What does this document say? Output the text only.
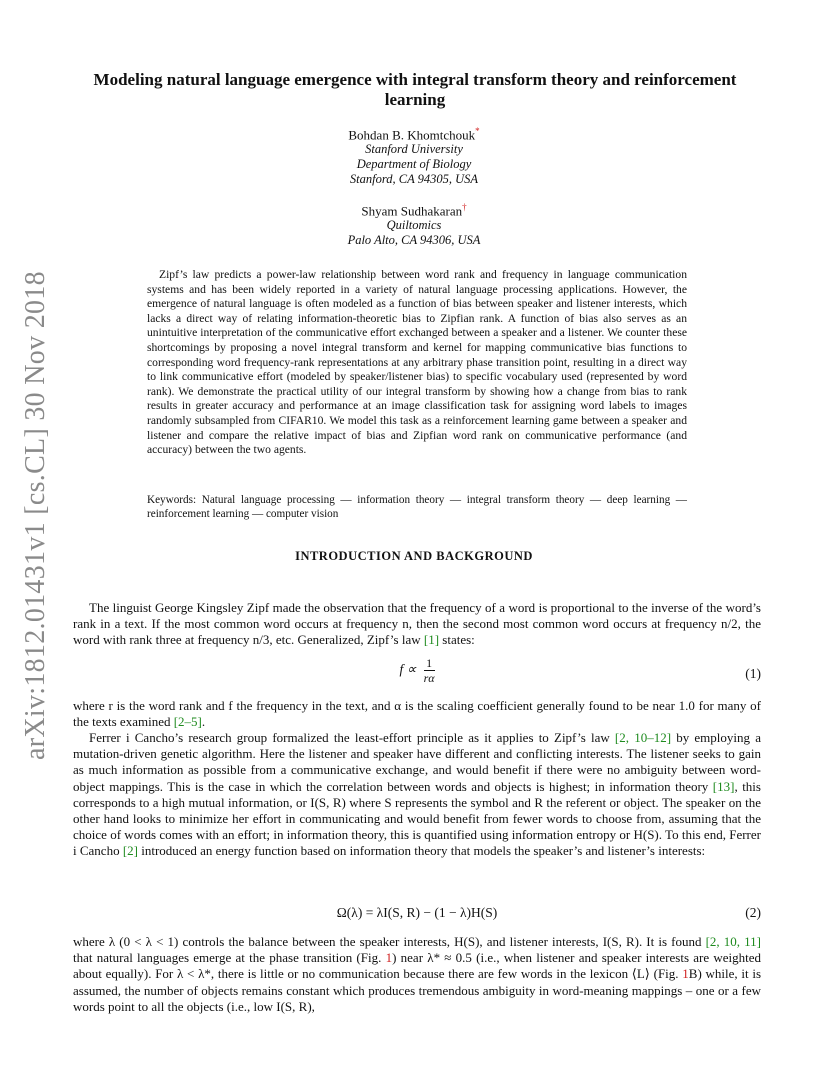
arXiv:1812.01431v1 [cs.CL] 30 Nov 2018
Modeling natural language emergence with integral transform theory and reinforcement learning
Bohdan B. Khomtchouk*
Stanford University
Department of Biology
Stanford, CA 94305, USA
Shyam Sudhakaran†
Quiltomics
Palo Alto, CA 94306, USA
Zipf’s law predicts a power-law relationship between word rank and frequency in language communication systems and has been widely reported in a variety of natural language processing applications. However, the emergence of natural language is often modeled as a function of bias between speaker and listener interests, which lacks a direct way of relating information-theoretic bias to Zipfian rank. A function of bias also serves as an unintuitive interpretation of the communicative effort exchanged between a speaker and a listener. We counter these shortcomings by proposing a novel integral transform and kernel for mapping communicative bias functions to corresponding word frequency-rank representations at any arbitrary phase transition point, resulting in a direct way to link communicative effort (modeled by speaker/listener bias) to specific vocabulary used (represented by word rank). We demonstrate the practical utility of our integral transform by showing how a change from bias to rank results in greater accuracy and performance at an image classification task for assigning word labels to images randomly subsampled from CIFAR10. We model this task as a reinforcement learning game between a speaker and listener and compare the relative impact of bias and Zipfian word rank on communicative performance (and accuracy) between the two agents.
Keywords: Natural language processing — information theory — integral transform theory — deep learning — reinforcement learning — computer vision
INTRODUCTION AND BACKGROUND
The linguist George Kingsley Zipf made the observation that the frequency of a word is proportional to the inverse of the word’s rank in a text. If the most common word occurs at frequency n, then the second most common word occurs at frequency n/2, the word with rank three at frequency n/3, etc. Generalized, Zipf’s law [1] states:
$f \propto \frac{1}{r\alpha}$	(1)
where r is the word rank and f the frequency in the text, and α is the scaling coefficient generally found to be near 1.0 for many of the texts examined [2–5].
Ferrer i Cancho’s research group formalized the least-effort principle as it applies to Zipf’s law [2, 10–12] by employing a mutation-driven genetic algorithm. Here the listener and speaker have different and conflicting interests. The listener seeks to gain as much information as possible from a communicative exchange, and would benefit if there were no ambiguity between word-object mappings. This is the case in which the correlation between words and objects is highest; in information theory [13], this corresponds to a high mutual information, or I(S, R) where S represents the symbol and R the referent or object. The speaker on the other hand looks to minimize her effort in communicating and would benefit from fewer words to choose from, assuming that the choice of words comes with an effort; in information theory, this is quantified using information entropy or H(S). To this end, Ferrer i Cancho [2] introduced an energy function based on information theory that models the speaker’s and listener’s interests:
Ω(λ) = λI(S, R) − (1 − λ)H(S)	(2)
where λ (0 < λ < 1) controls the balance between the speaker interests, H(S), and listener interests, I(S, R). It is found [2, 10, 11] that natural languages emerge at the phase transition (Fig. 1) near λ* ≈ 0.5 (i.e., when listener and speaker interests are weighted about equally). For λ < λ*, there is little or no communication because there are few words in the lexicon ⟨L⟩ (Fig. 1B) while, it is assumed, the number of objects remains constant which produces tremendous ambiguity in word-meaning mappings – one or a few words point to all the objects (i.e., low I(S, R),
